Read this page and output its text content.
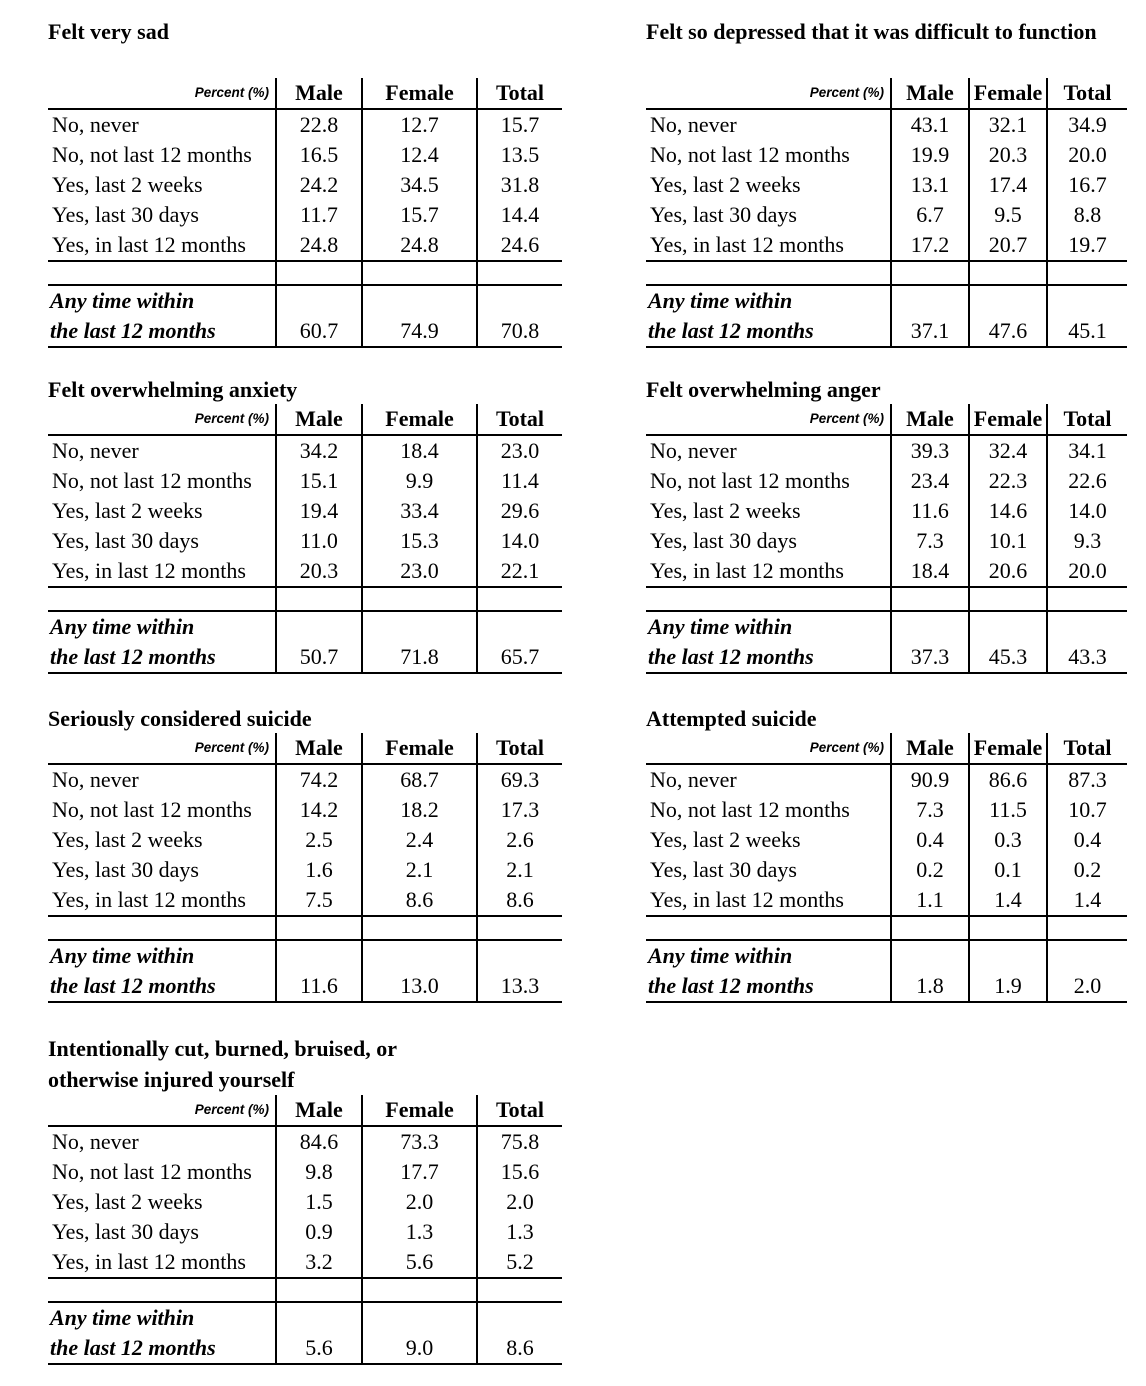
Felt very sad
Percent (%)	Male	Female	Total
No, never	22.8	12.7	15.7
No, not last 12 months	16.5	12.4	13.5
Yes, last 2 weeks	24.2	34.5	31.8
Yes, last 30 days	11.7	15.7	14.4
Yes, in last 12 months	24.8	24.8	24.6

Any time within
the last 12 months	60.7	74.9	70.8
Felt so depressed that it was difficult to function
Percent (%)	Male	Female	Total
No, never	43.1	32.1	34.9
No, not last 12 months	19.9	20.3	20.0
Yes, last 2 weeks	13.1	17.4	16.7
Yes, last 30 days	6.7	9.5	8.8
Yes, in last 12 months	17.2	20.7	19.7

Any time within
the last 12 months	37.1	47.6	45.1
Felt overwhelming anxiety
Percent (%)	Male	Female	Total
No, never	34.2	18.4	23.0
No, not last 12 months	15.1	9.9	11.4
Yes, last 2 weeks	19.4	33.4	29.6
Yes, last 30 days	11.0	15.3	14.0
Yes, in last 12 months	20.3	23.0	22.1

Any time within
the last 12 months	50.7	71.8	65.7
Felt overwhelming anger
Percent (%)	Male	Female	Total
No, never	39.3	32.4	34.1
No, not last 12 months	23.4	22.3	22.6
Yes, last 2 weeks	11.6	14.6	14.0
Yes, last 30 days	7.3	10.1	9.3
Yes, in last 12 months	18.4	20.6	20.0

Any time within
the last 12 months	37.3	45.3	43.3
Seriously considered suicide
Percent (%)	Male	Female	Total
No, never	74.2	68.7	69.3
No, not last 12 months	14.2	18.2	17.3
Yes, last 2 weeks	2.5	2.4	2.6
Yes, last 30 days	1.6	2.1	2.1
Yes, in last 12 months	7.5	8.6	8.6

Any time within
the last 12 months	11.6	13.0	13.3
Attempted suicide
Percent (%)	Male	Female	Total
No, never	90.9	86.6	87.3
No, not last 12 months	7.3	11.5	10.7
Yes, last 2 weeks	0.4	0.3	0.4
Yes, last 30 days	0.2	0.1	0.2
Yes, in last 12 months	1.1	1.4	1.4

Any time within
the last 12 months	1.8	1.9	2.0
Intentionally cut, burned, bruised, or otherwise injured yourself
Percent (%)	Male	Female	Total
No, never	84.6	73.3	75.8
No, not last 12 months	9.8	17.7	15.6
Yes, last 2 weeks	1.5	2.0	2.0
Yes, last 30 days	0.9	1.3	1.3
Yes, in last 12 months	3.2	5.6	5.2

Any time within
the last 12 months	5.6	9.0	8.6
